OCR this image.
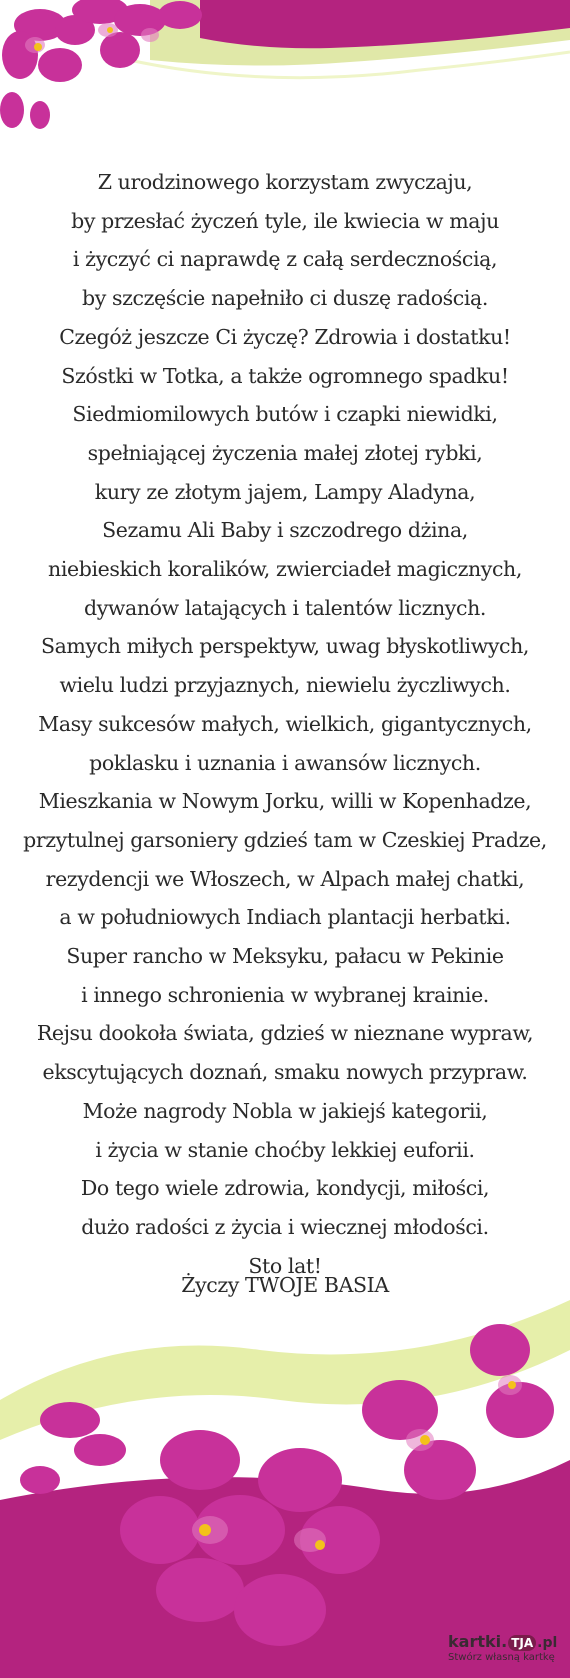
Z urodzinowego korzystam zwyczaju,
by przesłać życzeń tyle, ile kwiecia w maju
i życzyć ci naprawdę z całą serdecznością,
by szczęście napełniło ci duszę radością.
Czegóż jeszcze Ci życzę? Zdrowia i dostatku!
Szóstki w Totka, a także ogromnego spadku!
Siedmiomilowych butów i czapki niewidki,
spełniającej życzenia małej złotej rybki,
kury ze złotym jajem, Lampy Aladyna,
Sezamu Ali Baby i szczodrego dżina,
niebieskich koralików, zwierciadeł magicznych,
dywanów latających i talentów licznych.
Samych miłych perspektyw, uwag błyskotliwych,
wielu ludzi przyjaznych, niewielu życzliwych.
Masy sukcesów małych, wielkich, gigantycznych,
poklasku i uznania i awansów licznych.
Mieszkania w Nowym Jorku, willi w Kopenhadze,
przytulnej garsoniery gdzieś tam w Czeskiej Pradze,
rezydencji we Włoszech, w Alpach małej chatki,
a w południowych Indiach plantacji herbatki.
Super rancho w Meksyku, pałacu w Pekinie
i innego schronienia w wybranej krainie.
Rejsu dookoła świata, gdzieś w nieznane wypraw,
ekscytujących doznań, smaku nowych przypraw.
Może nagrody Nobla w jakiejś kategorii,
i życia w stanie choćby lekkiej euforii.
Do tego wiele zdrowia, kondycji, miłości,
dużo radości z życia i wiecznej młodości.
Sto lat!
Życzy TWOJE BASIA
kartki. TJA .pl
Stwórz własną kartkę
